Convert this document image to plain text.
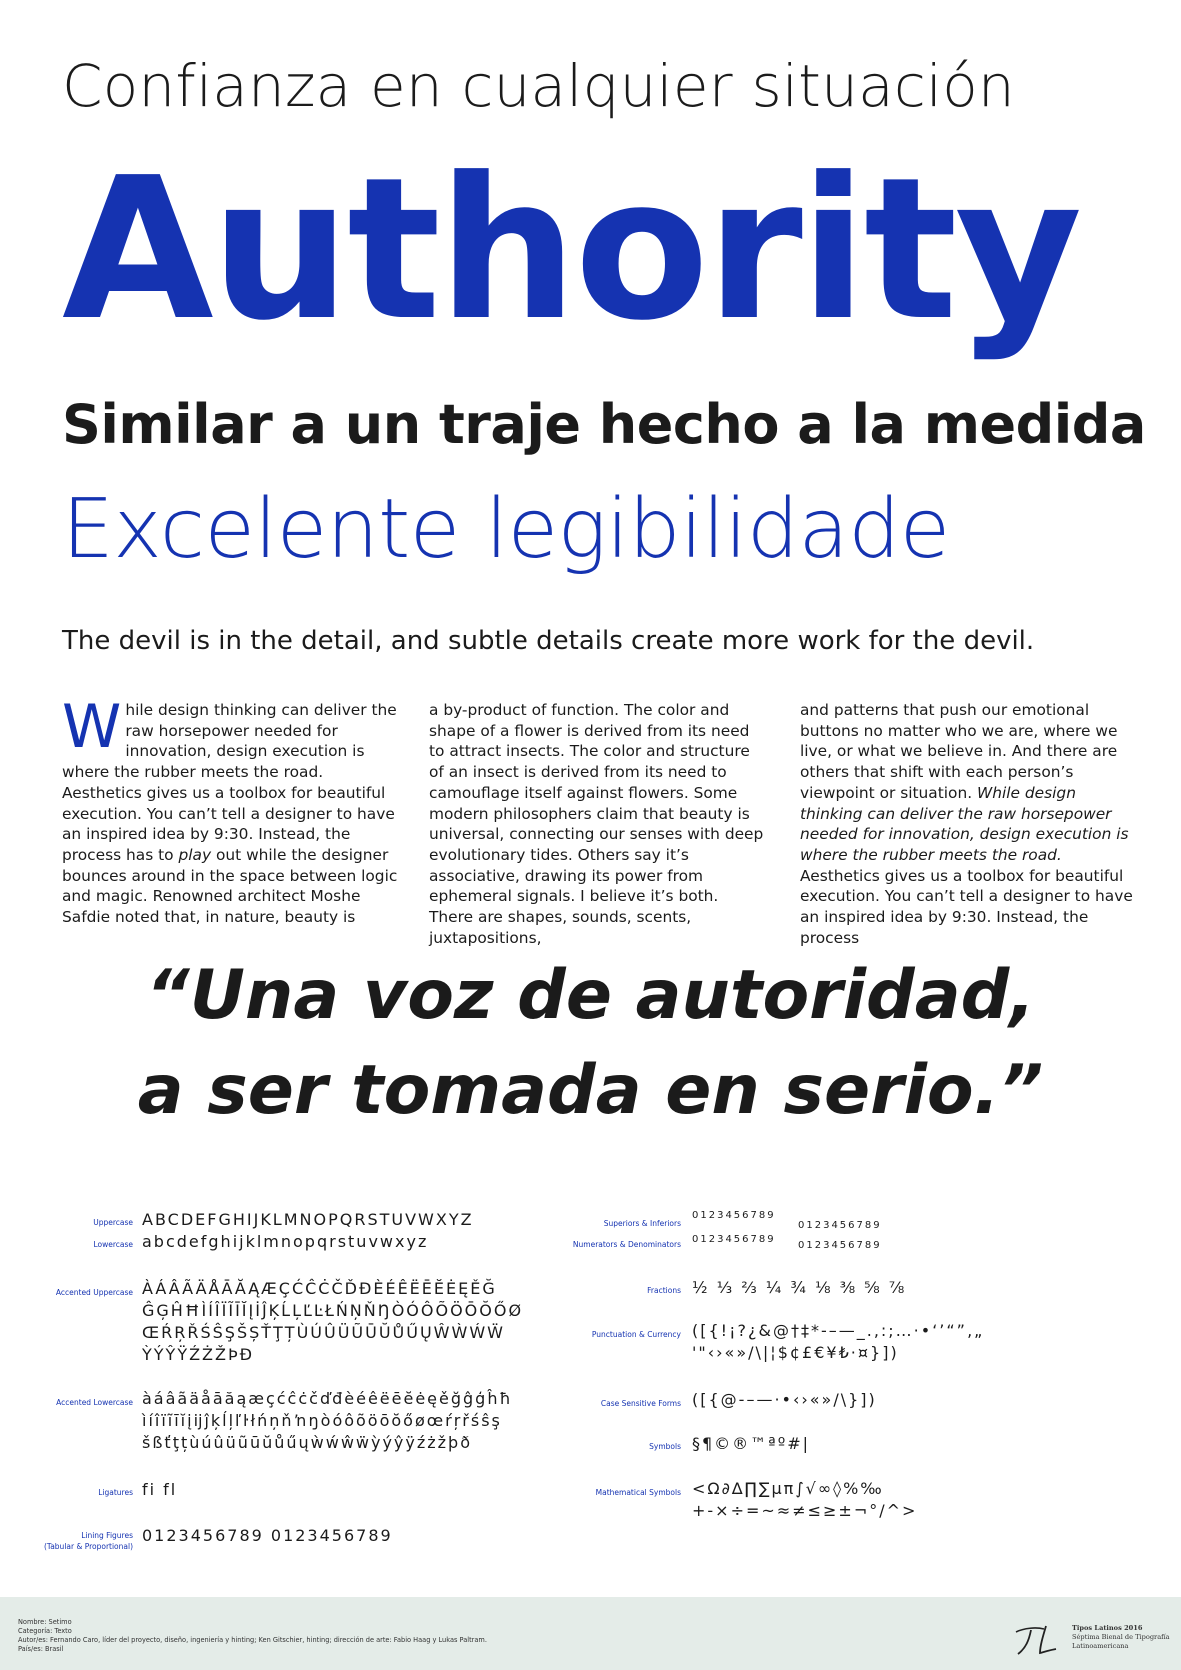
Confianza en cualquier situación
Authority
Similar a un traje hecho a la medida
Excelente legibilidade
The devil is in the detail, and subtle details create more work for the devil.
While design thinking can deliver the raw horsepower needed for innovation, design execution is where the rubber meets the road. Aesthetics gives us a toolbox for beautiful execution. You can’t tell a designer to have an inspired idea by 9:30. Instead, the process has to play out while the designer bounces around in the space between logic and magic. Renowned architect Moshe Safdie noted that, in nature, beauty is
a by-product of function. The color and shape of a flower is derived from its need to attract insects. The color and structure of an insect is derived from its need to camouflage itself against flowers. Some modern philosophers claim that beauty is universal, connecting our senses with deep evolutionary tides. Others say it’s associative, drawing its power from ephemeral signals. I believe it’s both. There are shapes, sounds, scents, juxtapositions,
and patterns that push our emotional buttons no matter who we are, where we live, or what we believe in. And there are others that shift with each person’s viewpoint or situation. While design thinking can deliver the raw horsepower needed for innovation, design execution is where the rubber meets the road. Aesthetics gives us a toolbox for beautiful execution. You can’t tell a designer to have an inspired idea by 9:30. Instead, the process
“Una voz de autoridad,
a ser tomada en serio.”
Uppercase ABCDEFGHIJKLMNOPQRSTUVWXYZ
Lowercase abcdefghijklmnopqrstuvwxyz
Accented Uppercase ÀÁÂÃÄÅĀĂĄÆÇĆĈĊČĎĐÈÉÊËĒĔĖĘĚĞ
ĜĢĤĦÌÍÎÏĨĪĬĮİĴĶĹĻĽĿŁŃŅŇŊÒÓÔÕÖŌŎŐØ
ŒŔŖŘŚŜŞŠȘŤŢȚÙÚÛÜŨŪŬŮŰŲŴẀẂẄ
ỲÝŶŸŹŻŽÞĐ
Accented Lowercase àáâãäåāăąæçćĉċčďđèéêëēĕėęěğĝģĥħ
ìíîïĩīĭįĳĵķĺļľŀłńņňŉŋòóôõöōŏőøœŕŗřśŝş
šßťţțùúûüũūŭůűųẁẃŵẅỳýŷÿźżžþð
Ligatures fi fl
Lining Figures
(Tabular & Proportional)
0123456789 0123456789
Superiors & Inferiors
0123456789
0123456789
Numerators & Denominators 0123456789
0123456789
Fractions ½ ⅓ ⅔ ¼ ¾ ⅛ ⅜ ⅝ ⅞
Punctuation & Currency ([{!¡?¿&@†‡*-–—_.,:;…·•‘’“”‚„
'"‹›«»/\|¦$¢£€¥₺·¤}])
Case Sensitive Forms ([{@-–—·•‹›«»/\}])
Symbols §¶©®™ªº#|
Mathematical Symbols <Ω∂∆∏∑µπ∫√∞◊%‰
+-×÷=~≈≠≤≥±¬°/^>
Nombre: Setimo
Categoría: Texto
Autor/es: Fernando Caro, líder del proyecto, diseño, ingeniería y hinting; Ken Gitschier, hinting; dirección de arte: Fabio Haag y Lukas Paltram.
País/es: Brasil
Tipos Latinos 2016
Séptima Bienal de Tipografía
Latinoamericana
